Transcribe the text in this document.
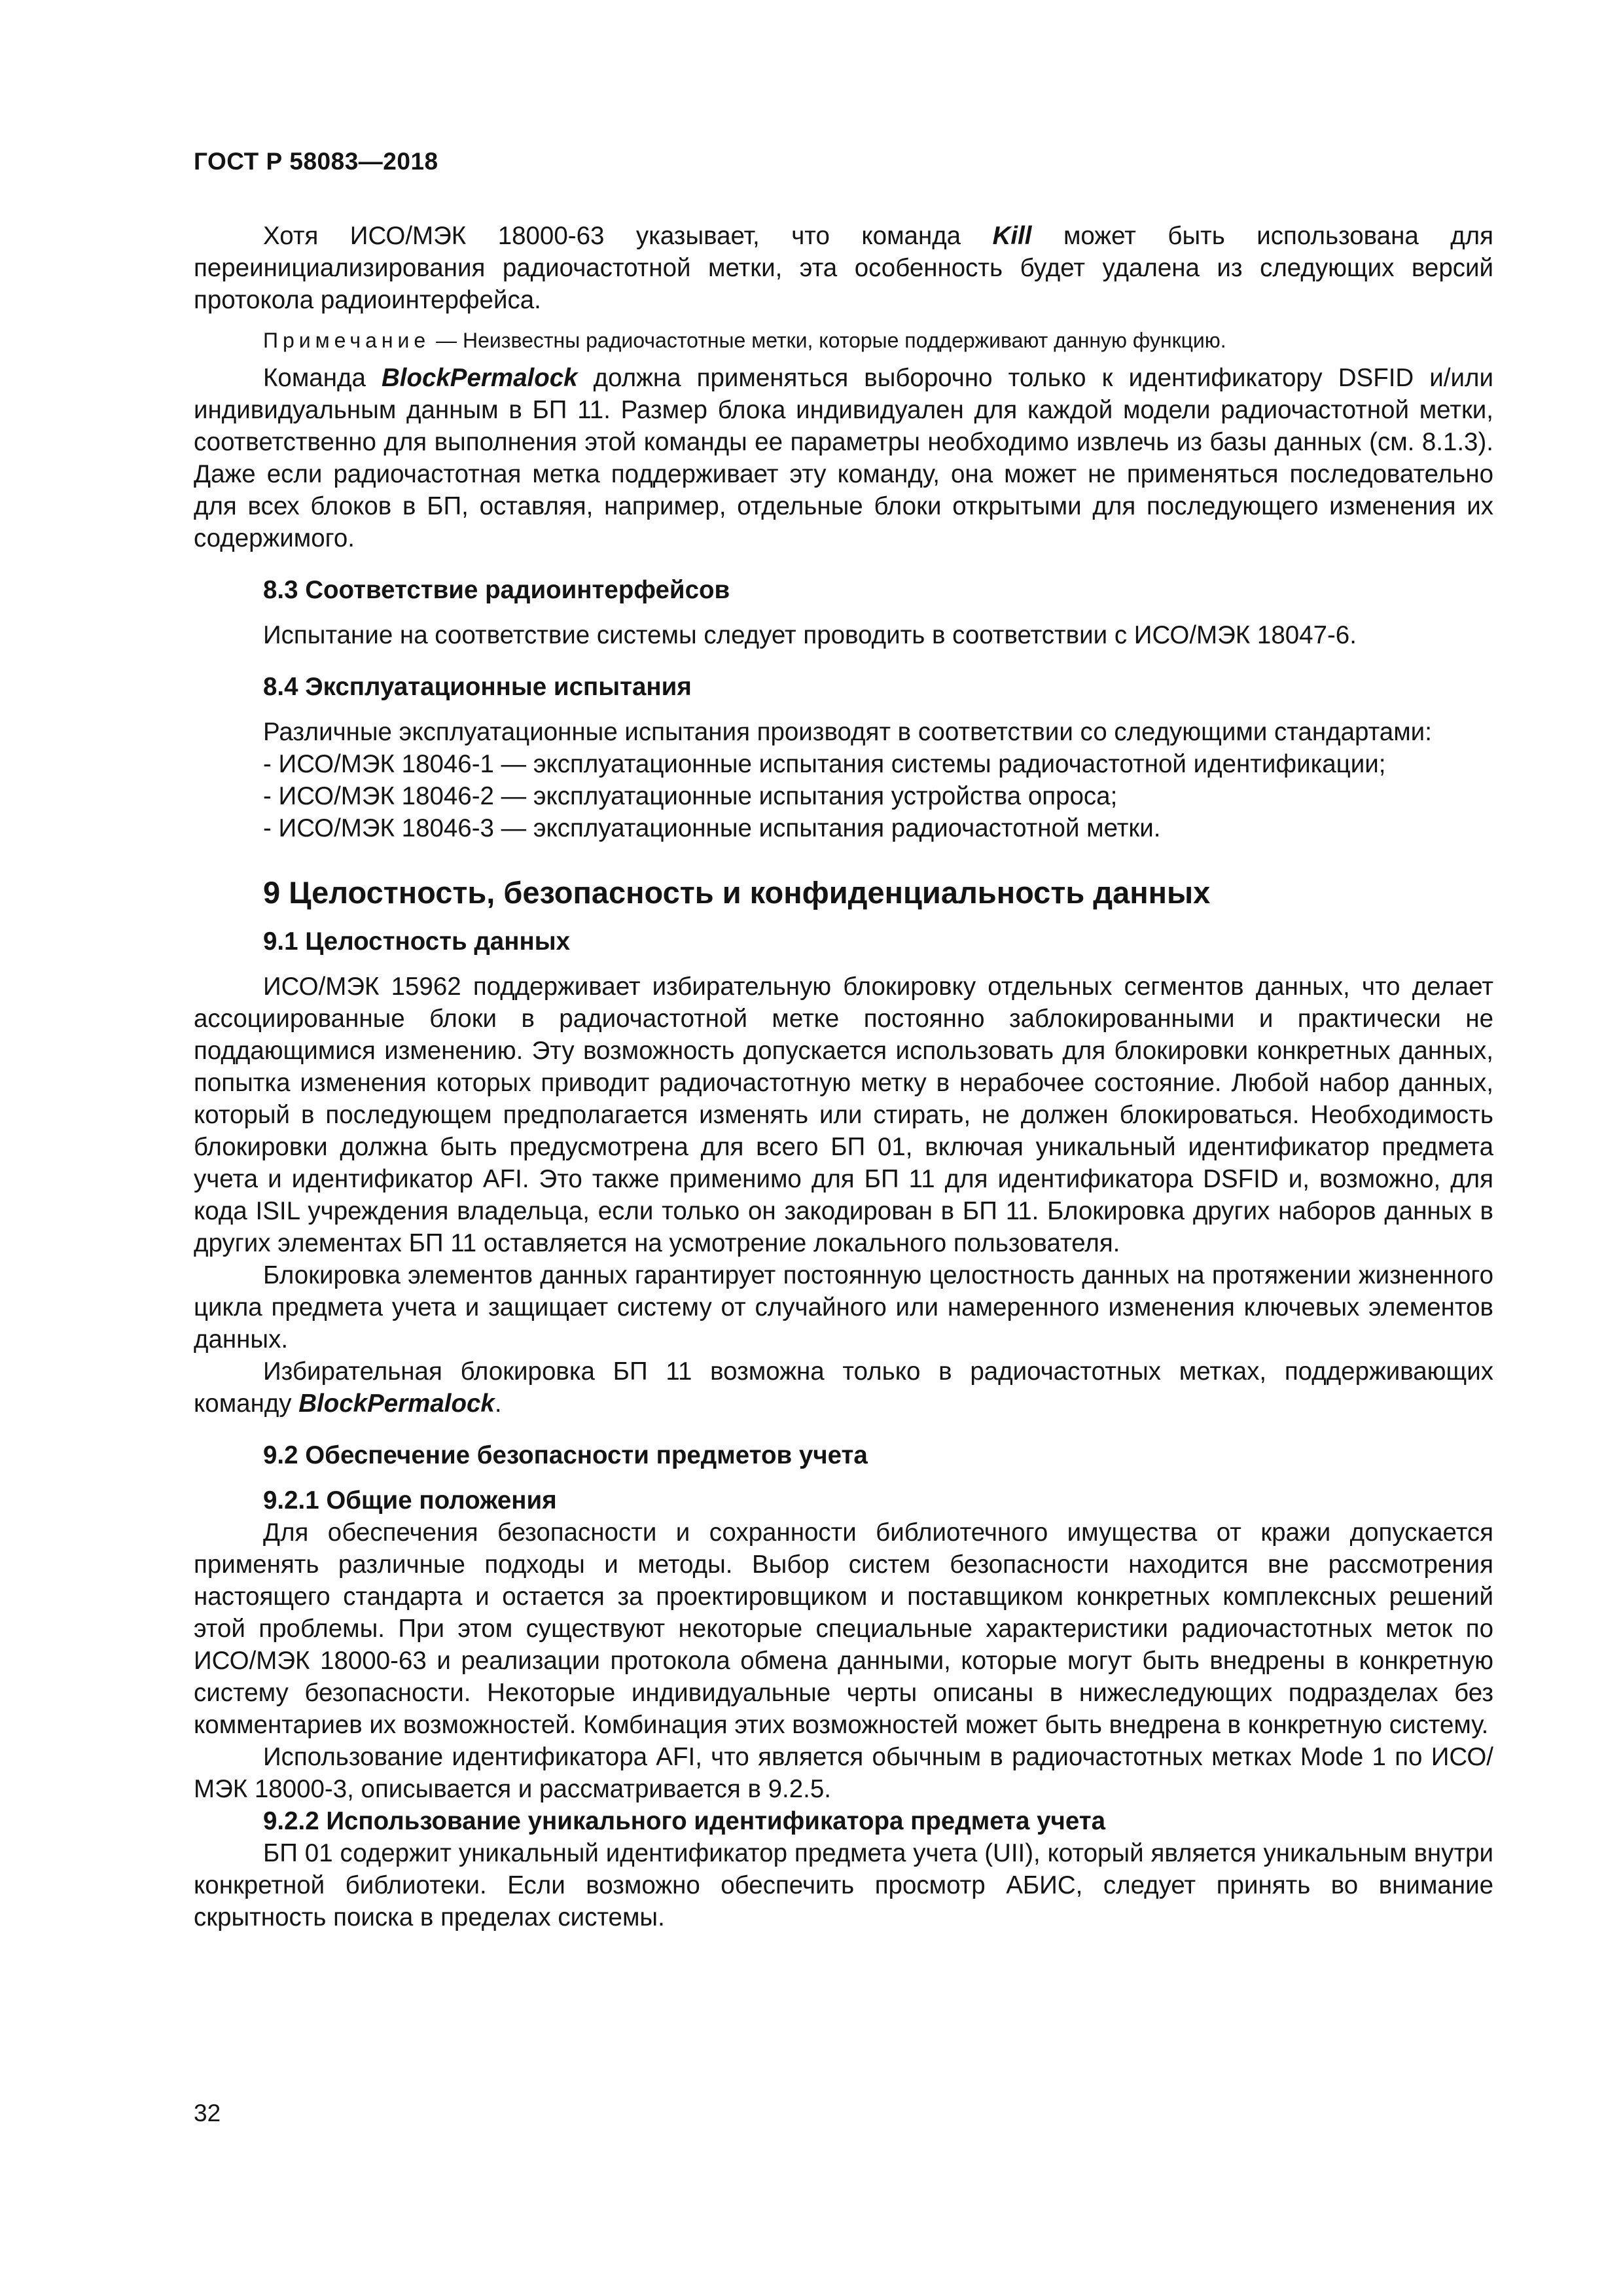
ГОСТ Р 58083—2018

Хотя ИСО/МЭК 18000-63 указывает, что команда Kill может быть использована для переинициализирования радиочастотной метки, эта особенность будет удалена из следующих версий протокола радиоинтерфейса.

Примечание — Неизвестны радиочастотные метки, которые поддерживают данную функцию.

Команда BlockPermalock должна применяться выборочно только к идентификатору DSFID и/или индивидуальным данным в БП 11. Размер блока индивидуален для каждой модели радиочастотной метки, соответственно для выполнения этой команды ее параметры необходимо извлечь из базы данных (см. 8.1.3). Даже если радиочастотная метка поддерживает эту команду, она может не применяться последовательно для всех блоков в БП, оставляя, например, отдельные блоки открытыми для последующего изменения их содержимого.

8.3 Соответствие радиоинтерфейсов

Испытание на соответствие системы следует проводить в соответствии с ИСО/МЭК 18047-6.

8.4 Эксплуатационные испытания

Различные эксплуатационные испытания производят в соответствии со следующими стандартами:

- ИСО/МЭК 18046-1 — эксплуатационные испытания системы радиочастотной идентификации;
- ИСО/МЭК 18046-2 — эксплуатационные испытания устройства опроса;
- ИСО/МЭК 18046-3 — эксплуатационные испытания радиочастотной метки.
9 Целостность, безопасность и конфиденциальность данных
9.1 Целостность данных

ИСО/МЭК 15962 поддерживает избирательную блокировку отдельных сегментов данных, что делает ассоциированные блоки в радиочастотной метке постоянно заблокированными и практически не поддающимися изменению. Эту возможность допускается использовать для блокировки конкретных данных, попытка изменения которых приводит радиочастотную метку в нерабочее состояние. Любой набор данных, который в последующем предполагается изменять или стирать, не должен блокироваться. Необходимость блокировки должна быть предусмотрена для всего БП 01, включая уникальный идентификатор предмета учета и идентификатор AFI. Это также применимо для БП 11 для идентификатора DSFID и, возможно, для кода ISIL учреждения владельца, если только он закодирован в БП 11. Блокировка других наборов данных в других элементах БП 11 оставляется на усмотрение локального пользователя.

Блокировка элементов данных гарантирует постоянную целостность данных на протяжении жизненного цикла предмета учета и защищает систему от случайного или намеренного изменения ключевых элементов данных.

Избирательная блокировка БП 11 возможна только в радиочастотных метках, поддерживающих команду BlockPermalock.

9.2 Обеспечение безопасности предметов учета
9.2.1 Общие положения

Для обеспечения безопасности и сохранности библиотечного имущества от кражи допускается применять различные подходы и методы. Выбор систем безопасности находится вне рассмотрения настоящего стандарта и остается за проектировщиком и поставщиком конкретных комплексных решений этой проблемы. При этом существуют некоторые специальные характеристики радиочастотных меток по ИСО/МЭК 18000-63 и реализации протокола обмена данными, которые могут быть внедрены в конкретную систему безопасности. Некоторые индивидуальные черты описаны в нижеследующих подразделах без комментариев их возможностей. Комбинация этих возможностей может быть внедрена в конкретную систему.

Использование идентификатора AFI, что является обычным в радиочастотных метках Mode 1 по ИСО/МЭК 18000-3, описывается и рассматривается в 9.2.5.

9.2.2 Использование уникального идентификатора предмета учета

БП 01 содержит уникальный идентификатор предмета учета (UII), который является уникальным внутри конкретной библиотеки. Если возможно обеспечить просмотр АБИС, следует принять во внимание скрытность поиска в пределах системы.

32
